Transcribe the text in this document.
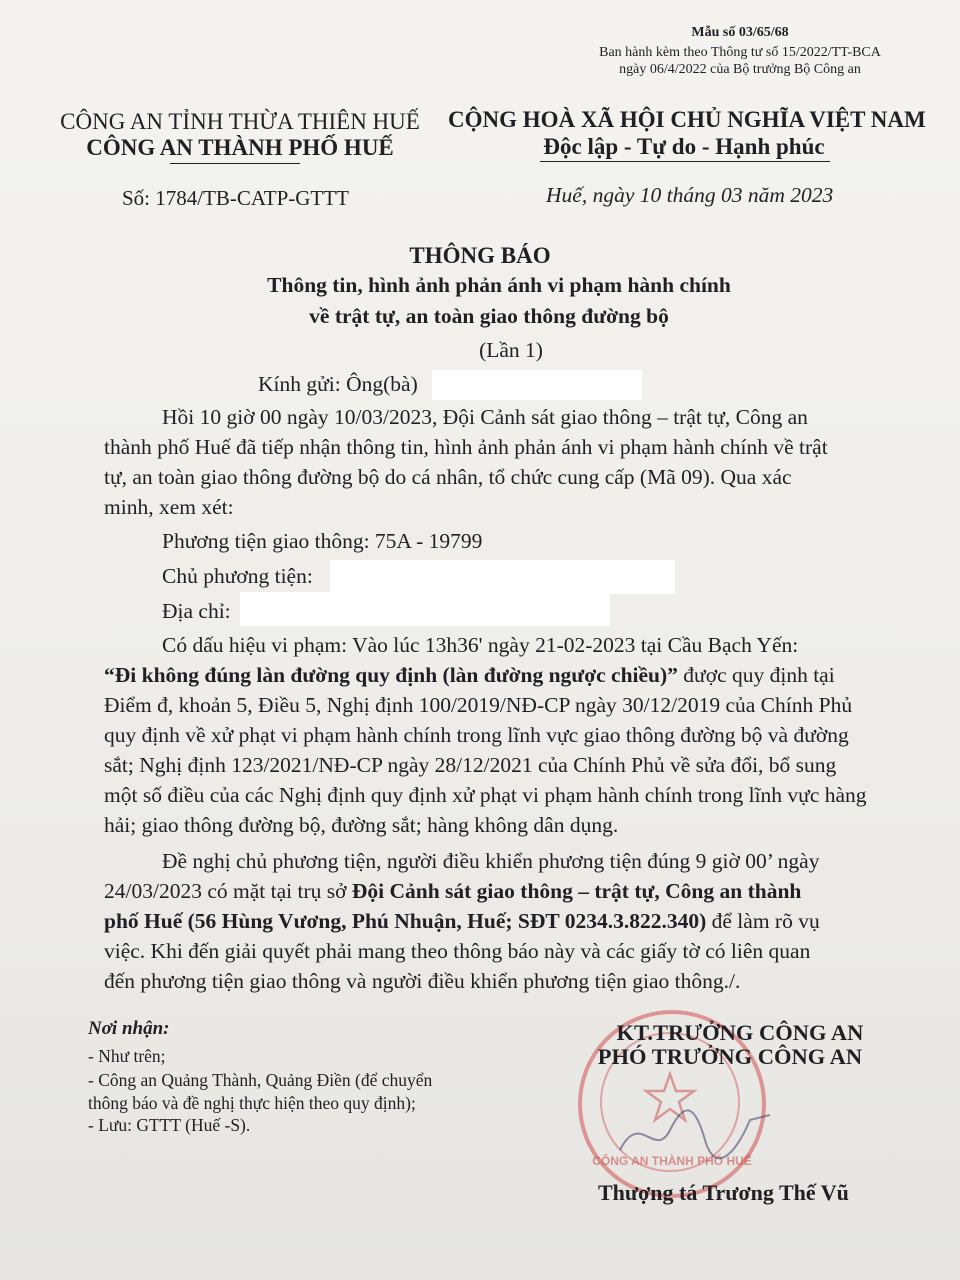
Mẫu số 03/65/68
Ban hành kèm theo Thông tư số 15/2022/TT-BCA
ngày 06/4/2022 của Bộ trưởng Bộ Công an
CÔNG AN TỈNH THỪA THIÊN HUẾ
CÔNG AN THÀNH PHỐ HUẾ
Số: 1784/TB-CATP-GTTT
CỘNG HOÀ XÃ HỘI CHỦ NGHĨA VIỆT NAM
Độc lập - Tự do - Hạnh phúc
Huế, ngày 10 tháng 03 năm 2023
THÔNG BÁO
Thông tin, hình ảnh phản ánh vi phạm hành chính
về trật tự, an toàn giao thông đường bộ
(Lần 1)
Kính gửi: Ông(bà)
Hồi 10 giờ 00 ngày 10/03/2023, Đội Cảnh sát giao thông – trật tự, Công an
thành phố Huế đã tiếp nhận thông tin, hình ảnh phản ánh vi phạm hành chính về trật
tự, an toàn giao thông đường bộ do cá nhân, tổ chức cung cấp (Mã 09). Qua xác
minh, xem xét:
Phương tiện giao thông: 75A - 19799
Chủ phương tiện:
Địa chỉ:
Có dấu hiệu vi phạm: Vào lúc 13h36' ngày 21-02-2023 tại Cầu Bạch Yến:
“Đi không đúng làn đường quy định (làn đường ngược chiều)” được quy định tại
Điểm đ, khoản 5, Điều 5, Nghị định 100/2019/NĐ-CP ngày 30/12/2019 của Chính Phủ
quy định về xử phạt vi phạm hành chính trong lĩnh vực giao thông đường bộ và đường
sắt; Nghị định 123/2021/NĐ-CP ngày 28/12/2021 của Chính Phủ về sửa đổi, bổ sung
một số điều của các Nghị định quy định xử phạt vi phạm hành chính trong lĩnh vực hàng
hải; giao thông đường bộ, đường sắt; hàng không dân dụng.
Đề nghị chủ phương tiện, người điều khiển phương tiện đúng 9 giờ 00’ ngày
24/03/2023 có mặt tại trụ sở Đội Cảnh sát giao thông – trật tự, Công an thành
phố Huế (56 Hùng Vương, Phú Nhuận, Huế; SĐT 0234.3.822.340) để làm rõ vụ
việc. Khi đến giải quyết phải mang theo thông báo này và các giấy tờ có liên quan
đến phương tiện giao thông và người điều khiển phương tiện giao thông./.
Nơi nhận:
- Như trên;
- Công an Quảng Thành, Quảng Điền (để chuyển
thông báo và đề nghị thực hiện theo quy định);
- Lưu: GTTT (Huế -S).
CÔNG AN THÀNH PHỐ HUẾ
KT.TRƯỞNG CÔNG AN
PHÓ TRƯỞNG CÔNG AN
Thượng tá Trương Thế Vũ
